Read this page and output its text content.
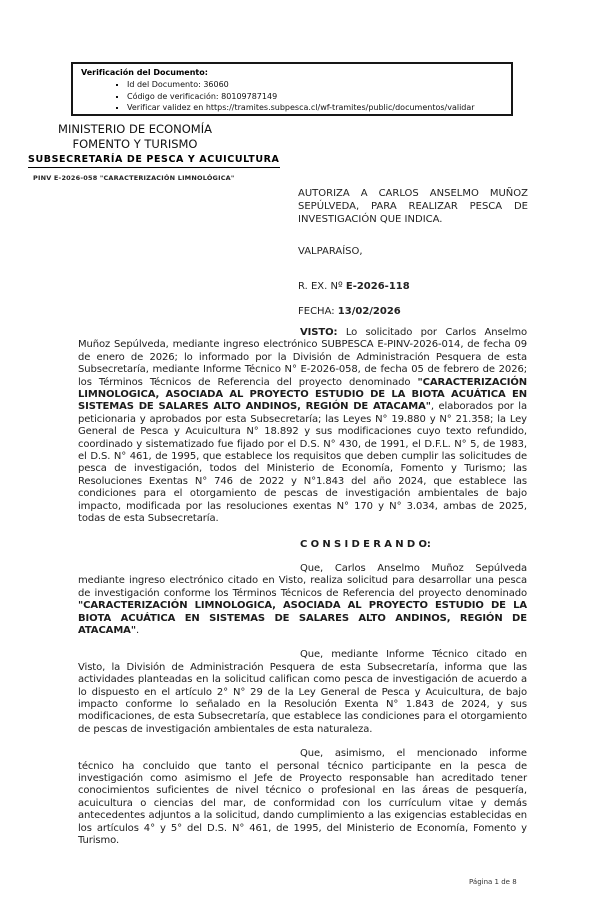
Verificación del Documento:
▪ Id del Documento: 36060
▪ Código de verificación: 80109787149
▪ Verificar validez en https://tramites.subpesca.cl/wf-tramites/public/documentos/validar
MINISTERIO DE ECONOMÍA
FOMENTO Y TURISMO
SUBSECRETARÍA DE PESCA Y ACUICULTURA
PINV E-2026-058 "CARACTERIZACIÓN LIMNOLÓGICA"
AUTORIZA A CARLOS ANSELMO MUÑOZ SEPÚLVEDA, PARA REALIZAR PESCA DE INVESTIGACIÓN QUE INDICA.
VALPARAÍSO,
R. EX. Nº E-2026-118
FECHA: 13/02/2026

VISTO: Lo solicitado por Carlos Anselmo Muñoz Sepúlveda, mediante ingreso electrónico SUBPESCA E-PINV-2026-014, de fecha 09 de enero de 2026; lo informado por la División de Administración Pesquera de esta Subsecretaría, mediante Informe Técnico N° E-2026-058, de fecha 05 de febrero de 2026; los Términos Técnicos de Referencia del proyecto denominado "CARACTERIZACIÓN LIMNOLOGICA, ASOCIADA AL PROYECTO ESTUDIO DE LA BIOTA ACUÁTICA EN SISTEMAS DE SALARES ALTO ANDINOS, REGIÓN DE ATACAMA", elaborados por la peticionaria y aprobados por esta Subsecretaría; las Leyes N° 19.880 y N° 21.358; la Ley General de Pesca y Acuicultura N° 18.892 y sus modificaciones cuyo texto refundido, coordinado y sistematizado fue fijado por el D.S. N° 430, de 1991, el D.F.L. N° 5, de 1983, el D.S. N° 461, de 1995, que establece los requisitos que deben cumplir las solicitudes de pesca de investigación, todos del Ministerio de Economía, Fomento y Turismo; las Resoluciones Exentas N° 746 de 2022 y N°1.843 del año 2024, que establece las condiciones para el otorgamiento de pescas de investigación ambientales de bajo impacto, modificada por las resoluciones exentas N° 170 y N° 3.034, ambas de 2025, todas de esta Subsecretaría.

C O N S I D E R A N D O:

Que, Carlos Anselmo Muñoz Sepúlveda mediante ingreso electrónico citado en Visto, realiza solicitud para desarrollar una pesca de investigación conforme los Términos Técnicos de Referencia del proyecto denominado "CARACTERIZACIÓN LIMNOLOGICA, ASOCIADA AL PROYECTO ESTUDIO DE LA BIOTA ACUÁTICA EN SISTEMAS DE SALARES ALTO ANDINOS, REGIÓN DE ATACAMA".

Que, mediante Informe Técnico citado en Visto, la División de Administración Pesquera de esta Subsecretaría, informa que las actividades planteadas en la solicitud califican como pesca de investigación de acuerdo a lo dispuesto en el artículo 2° N° 29 de la Ley General de Pesca y Acuicultura, de bajo impacto conforme lo señalado en la Resolución Exenta N° 1.843 de 2024, y sus modificaciones, de esta Subsecretaría, que establece las condiciones para el otorgamiento de pescas de investigación ambientales de esta naturaleza.

Que, asimismo, el mencionado informe técnico ha concluido que tanto el personal técnico participante en la pesca de investigación como asimismo el Jefe de Proyecto responsable han acreditado tener conocimientos suficientes de nivel técnico o profesional en las áreas de pesquería, acuicultura o ciencias del mar, de conformidad con los currículum vitae y demás antecedentes adjuntos a la solicitud, dando cumplimiento a las exigencias establecidas en los artículos 4° y 5° del D.S. N° 461, de 1995, del Ministerio de Economía, Fomento y Turismo.

Página 1 de 8
